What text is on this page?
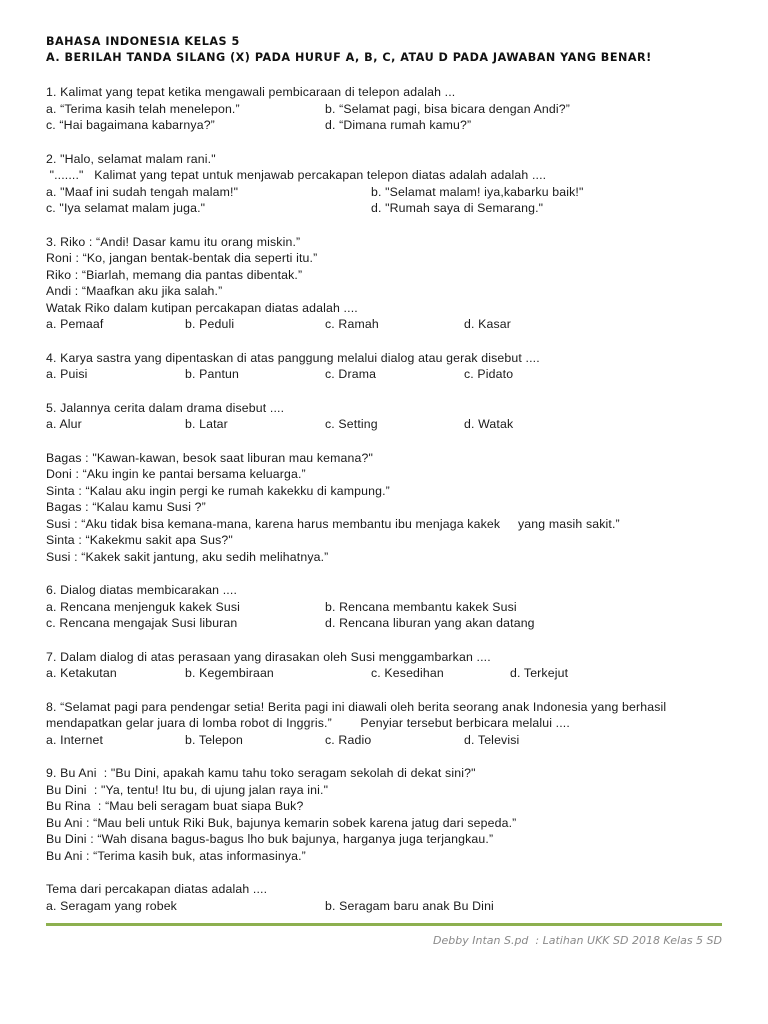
BAHASA INDONESIA KELAS 5
A. BERILAH TANDA SILANG (X) PADA HURUF A, B, C, ATAU D PADA JAWABAN YANG BENAR!
1. Kalimat yang tepat ketika mengawali pembicaraan di telepon adalah ...
a. “Terima kasih telah menelepon.”	b. “Selamat pagi, bisa bicara dengan Andi?”
c. “Hai bagaimana kabarnya?”	d. “Dimana rumah kamu?”
2. "Halo, selamat malam rani."
"......."   Kalimat yang tepat untuk menjawab percakapan telepon diatas adalah adalah ....
a. "Maaf ini sudah tengah malam!"	b. "Selamat malam! iya,kabarku baik!"
c. "Iya selamat malam juga."	d. "Rumah saya di Semarang."
3. Riko : “Andi! Dasar kamu itu orang miskin.”
Roni : “Ko, jangan bentak-bentak dia seperti itu.”
Riko : “Biarlah, memang dia pantas dibentak.”
Andi : “Maafkan aku jika salah.”
Watak Riko dalam kutipan percakapan diatas adalah ....
a. Pemaaf	b. Peduli	c. Ramah	d. Kasar
4. Karya sastra yang dipentaskan di atas panggung melalui dialog atau gerak disebut ....
a. Puisi	b. Pantun	c. Drama	c. Pidato
5. Jalannya cerita dalam drama disebut ....
a. Alur	b. Latar	c. Setting	d. Watak
Bagas : "Kawan-kawan, besok saat liburan mau kemana?"
Doni : “Aku ingin ke pantai bersama keluarga.”
Sinta : “Kalau aku ingin pergi ke rumah kakekku di kampung.”
Bagas : “Kalau kamu Susi ?”
Susi : “Aku tidak bisa kemana-mana, karena harus membantu ibu menjaga kakek     yang masih sakit.”
Sinta : “Kakekmu sakit apa Sus?"
Susi : “Kakek sakit jantung, aku sedih melihatnya.”
6. Dialog diatas membicarakan ....
a. Rencana menjenguk kakek Susi	b. Rencana membantu kakek Susi
c. Rencana mengajak Susi liburan	d. Rencana liburan yang akan datang
7. Dalam dialog di atas perasaan yang dirasakan oleh Susi menggambarkan ....
a. Ketakutan	b. Kegembiraan	c. Kesedihan	d. Terkejut
8. “Selamat pagi para pendengar setia! Berita pagi ini diawali oleh berita seorang anak Indonesia yang berhasil
mendapatkan gelar juara di lomba robot di Inggris.”        Penyiar tersebut berbicara melalui ....
a. Internet	b. Telepon	c. Radio	d. Televisi
9. Bu Ani  : "Bu Dini, apakah kamu tahu toko seragam sekolah di dekat sini?"
Bu Dini  : "Ya, tentu! Itu bu, di ujung jalan raya ini."
Bu Rina  : “Mau beli seragam buat siapa Buk?
Bu Ani : “Mau beli untuk Riki Buk, bajunya kemarin sobek karena jatug dari sepeda.”
Bu Dini : “Wah disana bagus-bagus lho buk bajunya, harganya juga terjangkau.”
Bu Ani : “Terima kasih buk, atas informasinya.”
Tema dari percakapan diatas adalah ....
a. Seragam yang robek	b. Seragam baru anak Bu Dini
Debby Intan S.pd  : Latihan UKK SD 2018 Kelas 5 SD
